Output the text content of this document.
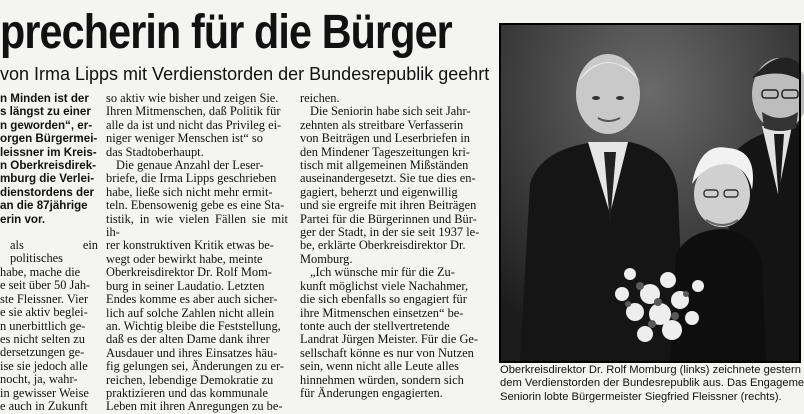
precherin für die Bürger
von Irma Lipps mit Verdienstorden der Bundesrepublik geehrt
n Minden ist der
s längst zu einer
n geworden“, er-
orgen Bürgermei-
leissner im Kreis-
n Oberkreisdirek-
mburg die Verlei-
dienstordens der
an die 87jährige
erin vor.
als ein politisches
habe, mache die
e seit über 50 Jah-
ste Fleissner. Vier
e sie aktiv beglei-
n unerbittlich ge-
es nicht selten zu
dersetzungen ge-
ise sie jedoch alle
nocht, ja, wahr-
in gewisser Weise
e auch in Zukunft
so aktiv wie bisher und zeigen Sie.
Ihren Mitmenschen, daß Politik für
alle da ist und nicht das Privileg ei-
niger weniger Menschen ist“ so
das Stadtoberhaupt.
Die genaue Anzahl der Leser-
briefe, die Irma Lipps geschrieben
habe, ließe sich nicht mehr ermit-
teln. Ebensowenig gebe es eine Sta-
tistik, in wie vielen Fällen sie mit ih-
rer konstruktiven Kritik etwas be-
wegt oder bewirkt habe, meinte
Oberkreisdirektor Dr. Rolf Mom-
burg in seiner Laudatio. Letzten
Endes komme es aber auch sicher-
lich auf solche Zahlen nicht allein
an. Wichtig bleibe die Feststellung,
daß es der alten Dame dank ihrer
Ausdauer und ihres Einsatzes häu-
fig gelungen sei, Änderungen zu er-
reichen, lebendige Demokratie zu
praktizieren und das kommunale
Leben mit ihren Anregungen zu be-
reichen.
Die Seniorin habe sich seit Jahr-
zehnten als streitbare Verfasserin
von Beiträgen und Leserbriefen in
den Mindener Tageszeitungen kri-
tisch mit allgemeinen Mißständen
auseinandergesetzt. Sie tue dies en-
gagiert, beherzt und eigenwillig
und sie ergreife mit ihren Beiträgen
Partei für die Bürgerinnen und Bür-
ger der Stadt, in der sie seit 1937 le-
be, erklärte Oberkreisdirektor Dr.
Momburg.
„Ich wünsche mir für die Zu-
kunft möglichst viele Nachahmer,
die sich ebenfalls so engagiert für
ihre Mitmenschen einsetzen“ be-
tonte auch der stellvertretende
Landrat Jürgen Meister. Für die Ge-
sellschaft könne es nur von Nutzen
sein, wenn nicht alle Leute alles
hinnehmen würden, sondern sich
für Änderungen engagierten.
Oberkreisdirektor Dr. Rolf Momburg (links) zeichnete gestern
dem Verdienstorden der Bundesrepublik aus. Das Engageme
Seniorin lobte Bürgermeister Siegfried Fleissner (rechts).
